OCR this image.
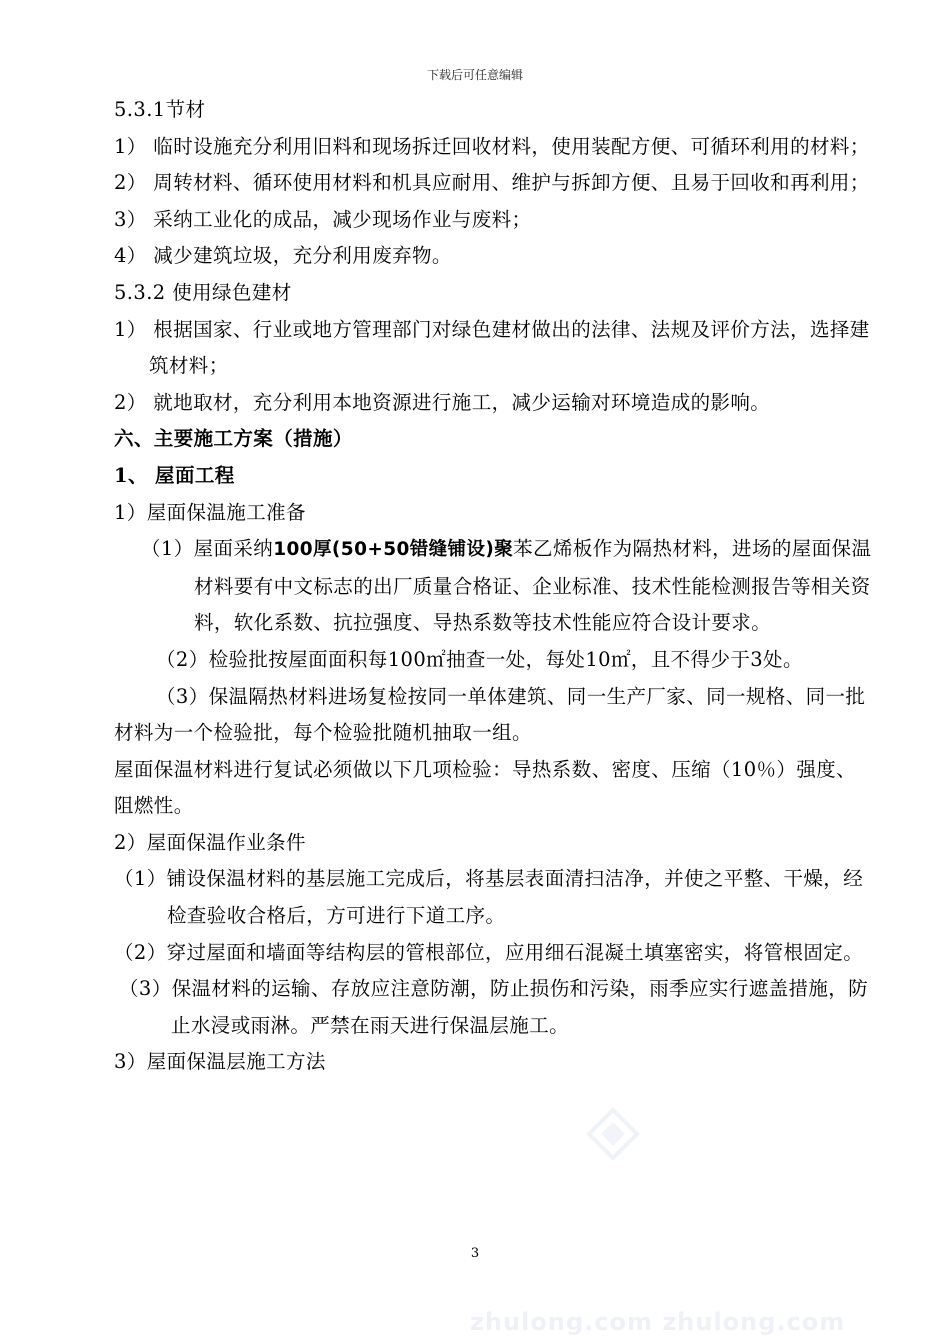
下载后可任意编辑

5.3.1节材

1） 临时设施充分利用旧料和现场拆迁回收材料，使用装配方便、可循环利用的材料；

2） 周转材料、循环使用材料和机具应耐用、维护与拆卸方便、且易于回收和再利用；

3） 采纳工业化的成品，减少现场作业与废料；

4） 减少建筑垃圾，充分利用废弃物。

5.3.2 使用绿色建材

1） 根据国家、行业或地方管理部门对绿色建材做出的法律、法规及评价方法，选择建筑材料；

2） 就地取材，充分利用本地资源进行施工，减少运输对环境造成的影响。

六、主要施工方案（措施）

1、 屋面工程

1）屋面保温施工准备

（1）屋面采纳100厚(50+50错缝铺设)聚苯乙烯板作为隔热材料，进场的屋面保温材料要有中文标志的出厂质量合格证、企业标准、技术性能检测报告等相关资料，软化系数、抗拉强度、导热系数等技术性能应符合设计要求。

（2）检验批按屋面面积每100㎡抽查一处，每处10㎡，且不得少于3处。

（3）保温隔热材料进场复检按同一单体建筑、同一生产厂家、同一规格、同一批材料为一个检验批，每个检验批随机抽取一组。

屋面保温材料进行复试必须做以下几项检验：导热系数、密度、压缩（10％）强度、阻燃性。

2）屋面保温作业条件

（1）铺设保温材料的基层施工完成后，将基层表面清扫洁净，并使之平整、干燥，经检查验收合格后，方可进行下道工序。

（2）穿过屋面和墙面等结构层的管根部位，应用细石混凝土填塞密实，将管根固定。

（3）保温材料的运输、存放应注意防潮，防止损伤和污染，雨季应实行遮盖措施，防止水浸或雨淋。严禁在雨天进行保温层施工。

3）屋面保温层施工方法

3
zhulong.com zhulong.com
